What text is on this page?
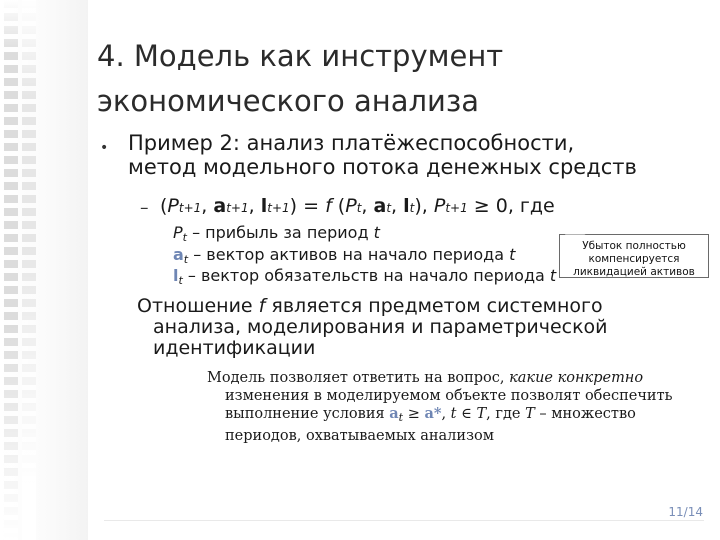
4. Модель как инструмент
экономического анализа
• Пример 2: анализ платёжеспособности,
метод модельного потока денежных средств
– (Pt+1, at+1, lt+1) = f (Pt, at, lt), Pt+1 ≥ 0, где
$P_t$ – прибыль за период t
$a_t$ – вектор активов на начало периода t
$l_t$ – вектор обязательств на начало периода t
Убыток полностью
компенсируется
ликвидацией активов
Отношение f является предметом системного
анализа, моделирования и параметрической
идентификации
Модель позволяет ответить на вопрос, какие конкретно
изменения в моделируемом объекте позволят обеспечить
выполнение условия $a_t \ge a*$, t ∈ T, где T – множество
периодов, охватываемых анализом
11/14
